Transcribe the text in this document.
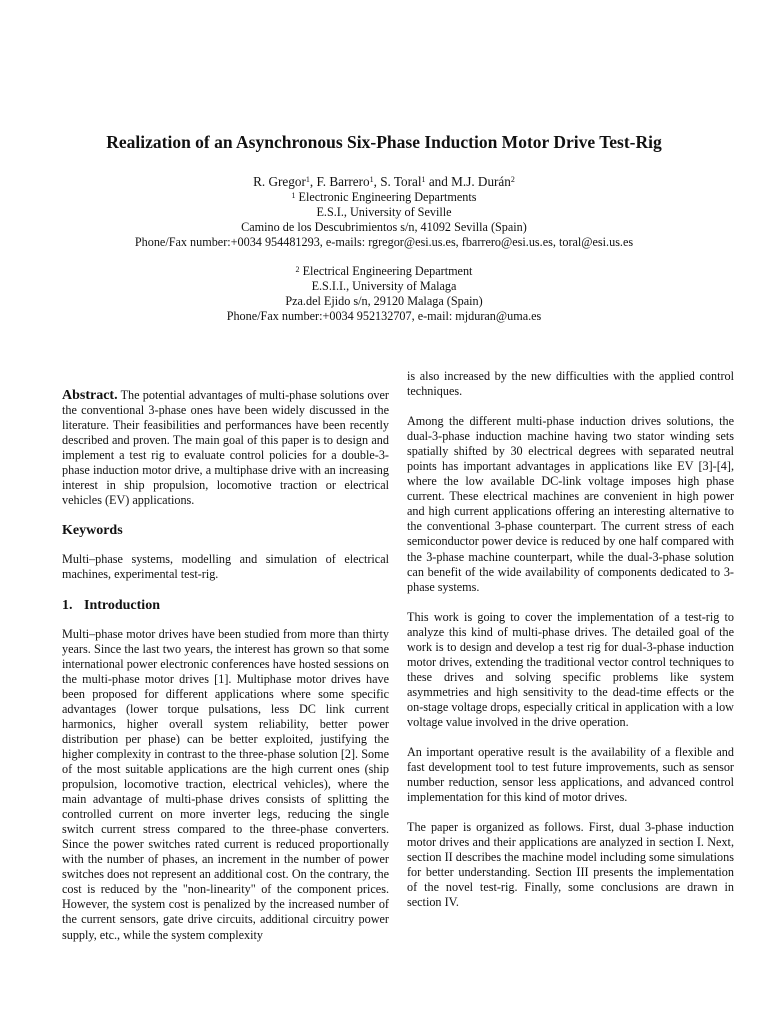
Realization of an Asynchronous Six-Phase Induction Motor Drive Test-Rig
R. Gregor$^1$, F. Barrero$^1$, S. Toral$^1$ and M.J. Durán$^2$
$^1$ Electronic Engineering Departments
E.S.I., University of Seville
Camino de los Descubrimientos s/n, 41092 Sevilla (Spain)
Phone/Fax number:+0034 954481293, e-mails: rgregor@esi.us.es, fbarrero@esi.us.es, toral@esi.us.es
$^2$ Electrical Engineering Department
E.S.I.I., University of Malaga
Pza.del Ejido s/n, 29120 Malaga (Spain)
Phone/Fax number:+0034 952132707, e-mail: mjduran@uma.es

Abstract. The potential advantages of multi-phase solutions over the conventional 3-phase ones have been widely discussed in the literature. Their feasibilities and performances have been recently described and proven. The main goal of this paper is to design and implement a test rig to evaluate control policies for a double-3-phase induction motor drive, a multiphase drive with an increasing interest in ship propulsion, locomotive traction or electrical vehicles (EV) applications.

Keywords

Multi–phase systems, modelling and simulation of electrical machines, experimental test-rig.

1. Introduction

Multi–phase motor drives have been studied from more than thirty years. Since the last two years, the interest has grown so that some international power electronic conferences have hosted sessions on the multi-phase motor drives [1]. Multiphase motor drives have been proposed for different applications where some specific advantages (lower torque pulsations, less DC link current harmonics, higher overall system reliability, better power distribution per phase) can be better exploited, justifying the higher complexity in contrast to the three-phase solution [2]. Some of the most suitable applications are the high current ones (ship propulsion, locomotive traction, electrical vehicles), where the main advantage of multi-phase drives consists of splitting the controlled current on more inverter legs, reducing the single switch current stress compared to the three-phase converters. Since the power switches rated current is reduced proportionally with the number of phases, an increment in the number of power switches does not represent an additional cost. On the contrary, the cost is reduced by the "non-linearity" of the component prices. However, the system cost is penalized by the increased number of the current sensors, gate drive circuits, additional circuitry power supply, etc., while the system complexity

is also increased by the new difficulties with the applied control techniques.

Among the different multi-phase induction drives solutions, the dual-3-phase induction machine having two stator winding sets spatially shifted by 30 electrical degrees with separated neutral points has important advantages in applications like EV [3]-[4], where the low available DC-link voltage imposes high phase current. These electrical machines are convenient in high power and high current applications offering an interesting alternative to the conventional 3-phase counterpart. The current stress of each semiconductor power device is reduced by one half compared with the 3-phase machine counterpart, while the dual-3-phase solution can benefit of the wide availability of components dedicated to 3-phase systems.

This work is going to cover the implementation of a test-rig to analyze this kind of multi-phase drives. The detailed goal of the work is to design and develop a test rig for dual-3-phase induction motor drives, extending the traditional vector control techniques to these drives and solving specific problems like system asymmetries and high sensitivity to the dead-time effects or the on-stage voltage drops, especially critical in application with a low voltage value involved in the drive operation.

An important operative result is the availability of a flexible and fast development tool to test future improvements, such as sensor number reduction, sensor less applications, and advanced control implementation for this kind of motor drives.

The paper is organized as follows. First, dual 3-phase induction motor drives and their applications are analyzed in section I. Next, section II describes the machine model including some simulations for better understanding. Section III presents the implementation of the novel test-rig. Finally, some conclusions are drawn in section IV.
